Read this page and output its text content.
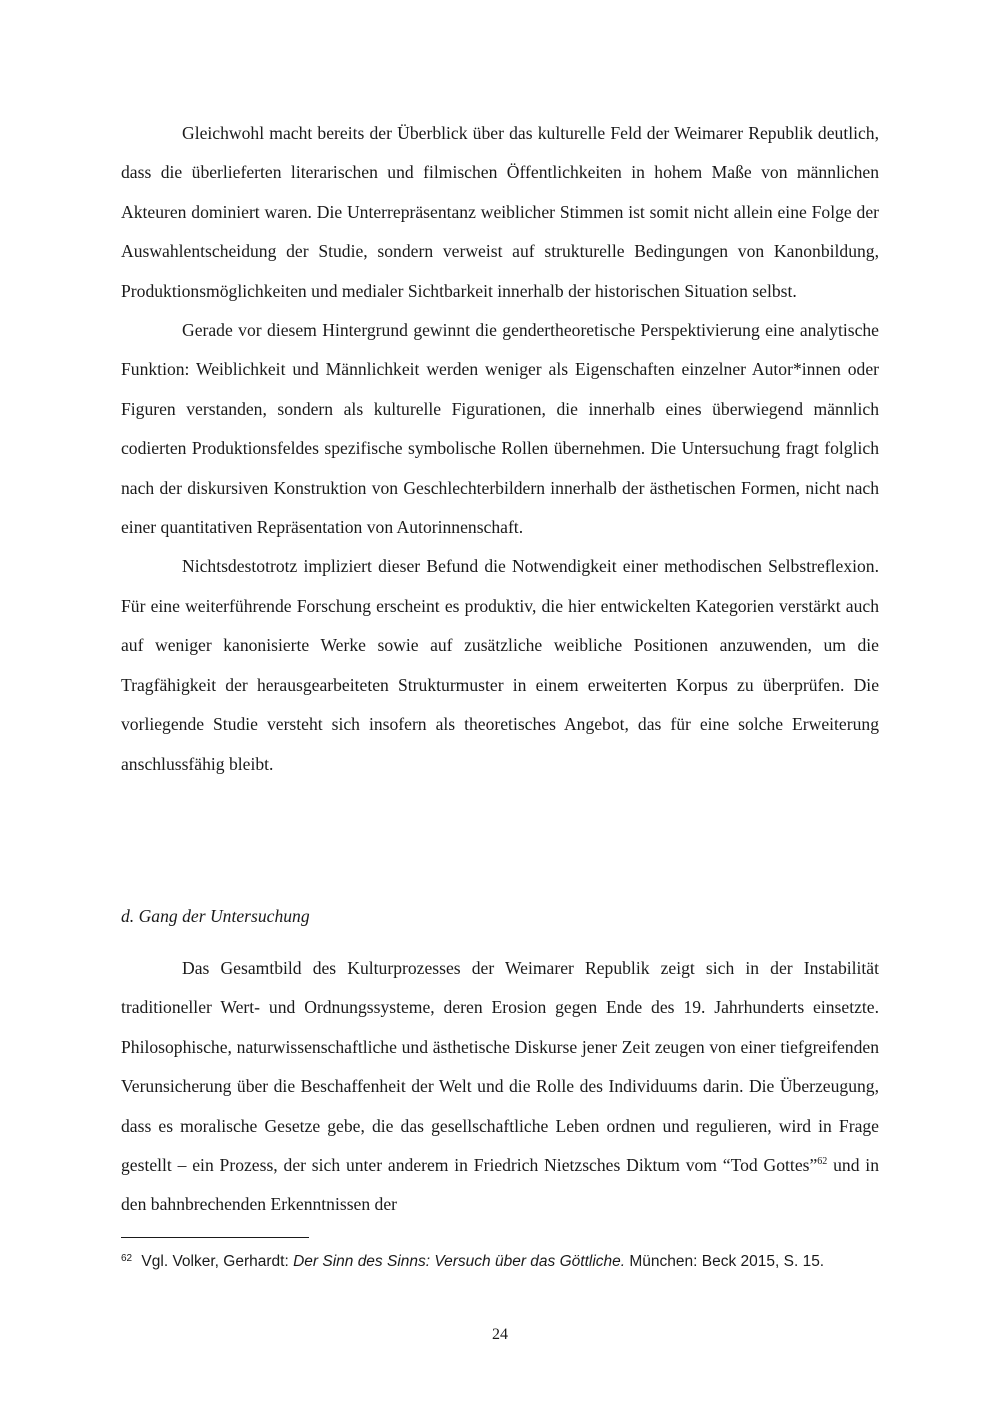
Gleichwohl macht bereits der Überblick über das kulturelle Feld der Weimarer Republik deutlich, dass die überlieferten literarischen und filmischen Öffentlichkeiten in hohem Maße von männlichen Akteuren dominiert waren. Die Unterrepräsentanz weiblicher Stimmen ist somit nicht allein eine Folge der Auswahlentscheidung der Studie, sondern verweist auf strukturelle Bedingungen von Kanonbildung, Produktionsmöglichkeiten und medialer Sichtbarkeit innerhalb der historischen Situation selbst.

Gerade vor diesem Hintergrund gewinnt die gendertheoretische Perspektivierung eine analytische Funktion: Weiblichkeit und Männlichkeit werden weniger als Eigenschaften einzelner Autor*innen oder Figuren verstanden, sondern als kulturelle Figurationen, die innerhalb eines überwiegend männlich codierten Produktionsfeldes spezifische symbolische Rollen übernehmen. Die Untersuchung fragt folglich nach der diskursiven Konstruktion von Geschlechterbildern innerhalb der ästhetischen Formen, nicht nach einer quantitativen Repräsentation von Autorinnenschaft.

Nichtsdestotrotz impliziert dieser Befund die Notwendigkeit einer methodischen Selbstreflexion. Für eine weiterführende Forschung erscheint es produktiv, die hier entwickelten Kategorien verstärkt auch auf weniger kanonisierte Werke sowie auf zusätzliche weibliche Positionen anzuwenden, um die Tragfähigkeit der herausgearbeiteten Strukturmuster in einem erweiterten Korpus zu überprüfen. Die vorliegende Studie versteht sich insofern als theoretisches Angebot, das für eine solche Erweiterung anschlussfähig bleibt.

d. Gang der Untersuchung

Das Gesamtbild des Kulturprozesses der Weimarer Republik zeigt sich in der Instabilität traditioneller Wert- und Ordnungssysteme, deren Erosion gegen Ende des 19. Jahrhunderts einsetzte. Philosophische, naturwissenschaftliche und ästhetische Diskurse jener Zeit zeugen von einer tiefgreifenden Verunsicherung über die Beschaffenheit der Welt und die Rolle des Individuums darin. Die Überzeugung, dass es moralische Gesetze gebe, die das gesellschaftliche Leben ordnen und regulieren, wird in Frage gestellt – ein Prozess, der sich unter anderem in Friedrich Nietzsches Diktum vom “Tod Gottes”$^{62}$ und in den bahnbrechenden Erkenntnissen der

$^{62}$ Vgl. Volker, Gerhardt: Der Sinn des Sinns: Versuch über das Göttliche. München: Beck 2015, S. 15.
24
